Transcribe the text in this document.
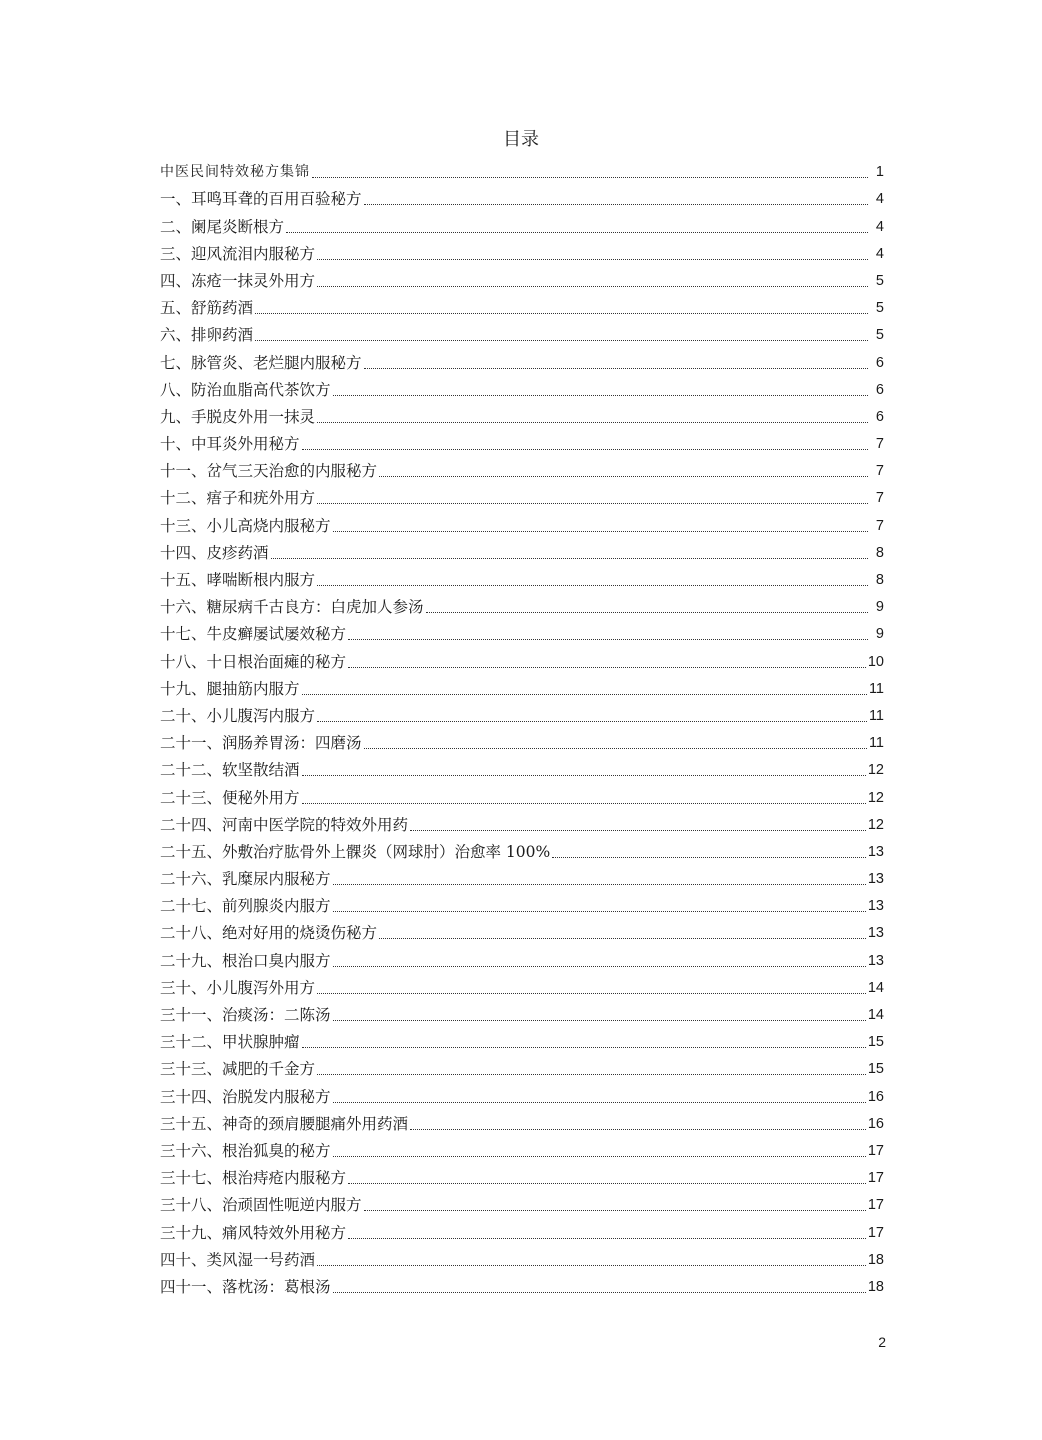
目录
中医民间特效秘方集锦	1
一、耳鸣耳聋的百用百验秘方	4
二、阑尾炎断根方	4
三、迎风流泪内服秘方	4
四、冻疮一抹灵外用方	5
五、舒筋药酒	5
六、排卵药酒	5
七、脉管炎、老烂腿内服秘方	6
八、防治血脂高代茶饮方	6
九、手脱皮外用一抹灵	6
十、中耳炎外用秘方	7
十一、岔气三天治愈的内服秘方	7
十二、痦子和疣外用方	7
十三、小儿高烧内服秘方	7
十四、皮疹药酒	8
十五、哮喘断根内服方	8
十六、糖尿病千古良方：白虎加人参汤	9
十七、牛皮癣屡试屡效秘方	9
十八、十日根治面瘫的秘方	10
十九、腿抽筋内服方	11
二十、小儿腹泻内服方	11
二十一、润肠养胃汤：四磨汤	11
二十二、软坚散结酒	12
二十三、便秘外用方	12
二十四、河南中医学院的特效外用药	12
二十五、外敷治疗肱骨外上髁炎（网球肘）治愈率 100%	13
二十六、乳糜尿内服秘方	13
二十七、前列腺炎内服方	13
二十八、绝对好用的烧烫伤秘方	13
二十九、根治口臭内服方	13
三十、小儿腹泻外用方	14
三十一、治痰汤：二陈汤	14
三十二、甲状腺肿瘤	15
三十三、减肥的千金方	15
三十四、治脱发内服秘方	16
三十五、神奇的颈肩腰腿痛外用药酒	16
三十六、根治狐臭的秘方	17
三十七、根治痔疮内服秘方	17
三十八、治顽固性呃逆内服方	17
三十九、痛风特效外用秘方	17
四十、类风湿一号药酒	18
四十一、落枕汤：葛根汤	18
2
